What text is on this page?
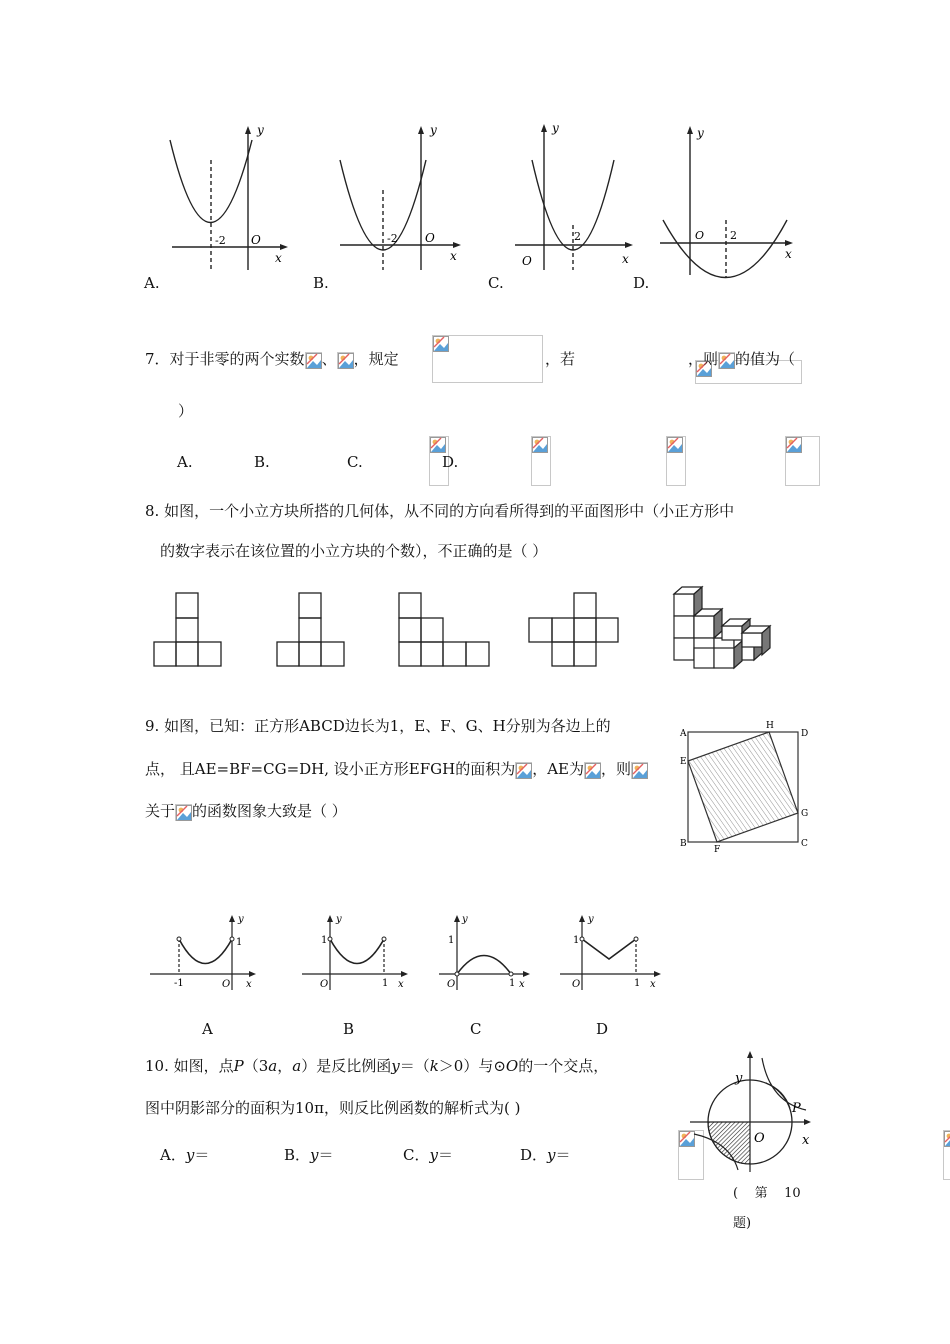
-2 O
y
x
-2 O
y
x
2
O
y
x
O 2
y
x
A.	B.	C.	D.
7．对于非零的两个实数 、 ，规定
	，若
	，则 的值为（
）
A.
	B.
	C.
	D.

8. 如图，一个小立方块所搭的几何体，从不同的方向看所得到的平面图形中（小正方形中
的数字表示在该位置的小立方块的个数），不正确的是（ ）
9. 如图，已知：正方形ABCD边长为1，E、F、G、H分别为各边上的
点， 且AE=BF=CG=DH, 设小正方形EFGH的面积为 ，AE为 ，则
关于 的函数图象大致是（ ）
A	D
B	C
E
F
G
H
-1
1
O
y
x
1
1
O
y
x
1
1
O
y
x
1
1
O
y
x
A	B	C	D
10. 如图，点P（3a，a）是反比例函y＝（k＞0）与⊙O的一个交点，
图中阴影部分的面积为10π，则反比例函数的解析式为( )
A．y＝	B．y＝
	C．y＝	D．y＝
y
x
P
O
(    第    10
题)
